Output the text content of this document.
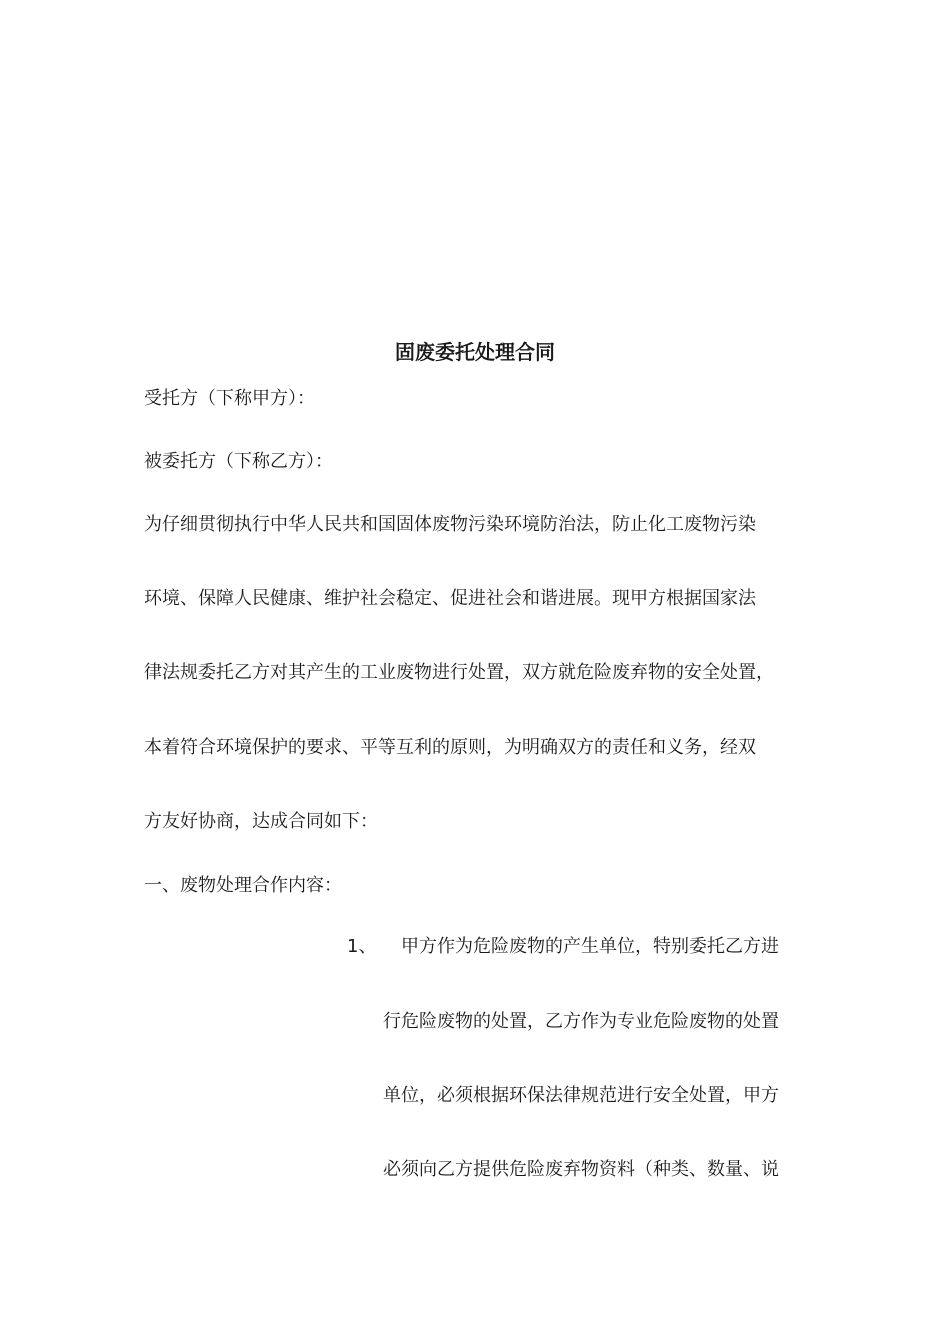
固废委托处理合同
受托方（下称甲方）：
被委托方（下称乙方）：
为仔细贯彻执行中华人民共和国固体废物污染环境防治法，防止化工废物污染
环境、保障人民健康、维护社会稳定、促进社会和谐进展。现甲方根据国家法
律法规委托乙方对其产生的工业废物进行处置，双方就危险废弃物的安全处置，
本着符合环境保护的要求、平等互利的原则，为明确双方的责任和义务，经双
方友好协商，达成合同如下：
一、废物处理合作内容：
1、 甲方作为危险废物的产生单位，特别委托乙方进
行危险废物的处置，乙方作为专业危险废物的处置
单位，必须根据环保法律规范进行安全处置，甲方
必须向乙方提供危险废弃物资料（种类、数量、说
